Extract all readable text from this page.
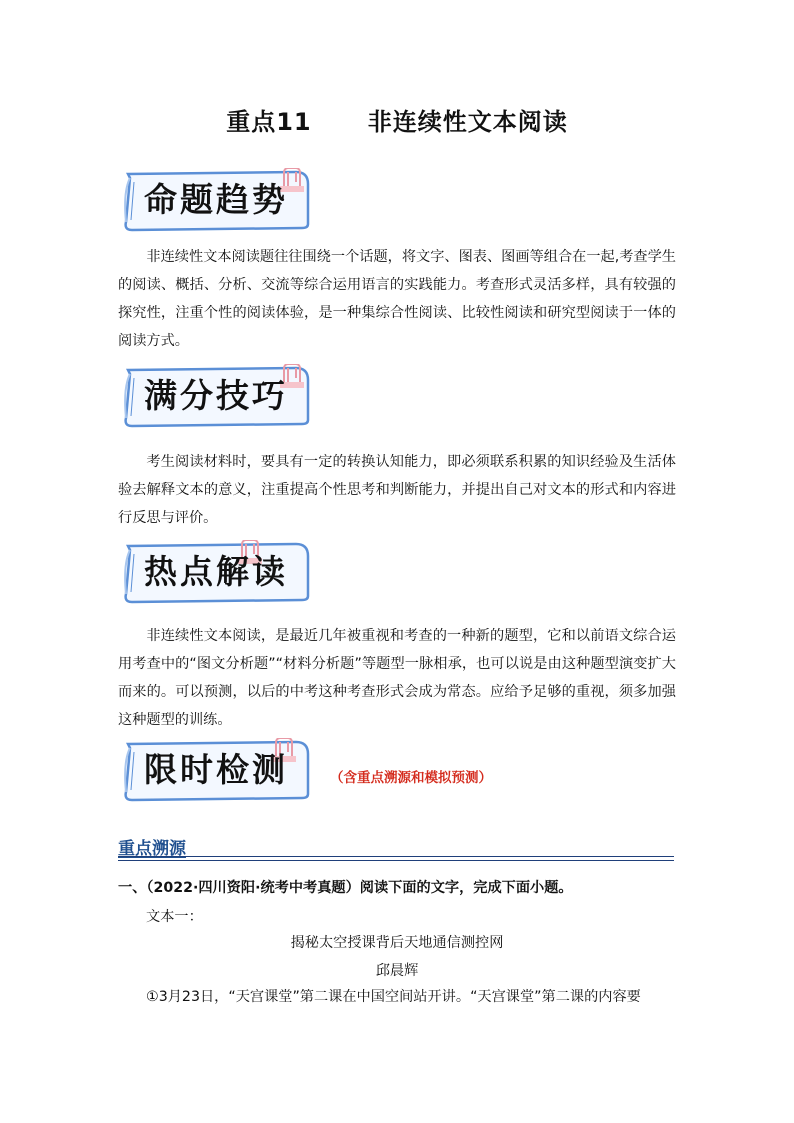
重点11      非连续性文本阅读
命题趋势

非连续性文本阅读题往往围绕一个话题，将文字、图表、图画等组合在一起,考查学生的阅读、概括、分析、交流等综合运用语言的实践能力。考查形式灵活多样，具有较强的探究性，注重个性的阅读体验，是一种集综合性阅读、比较性阅读和研究型阅读于一体的阅读方式。

满分技巧

考生阅读材料时，要具有一定的转换认知能力，即必须联系积累的知识经验及生活体验去解释文本的意义，注重提高个性思考和判断能力，并提出自己对文本的形式和内容进行反思与评价。

热点解读

非连续性文本阅读，是最近几年被重视和考查的一种新的题型，它和以前语文综合运用考查中的“图文分析题”“材料分析题”等题型一脉相承，也可以说是由这种题型演变扩大而来的。可以预测，以后的中考这种考查形式会成为常态。应给予足够的重视，须多加强这种题型的训练。

限时检测	（含重点溯源和模拟预测）
重点溯源
一、（2022·四川资阳·统考中考真题）阅读下面的文字，完成下面小题。
文本一：
揭秘太空授课背后天地通信测控网
邱晨辉
①3月23日，“天宫课堂”第二课在中国空间站开讲。“天宫课堂”第二课的内容要
